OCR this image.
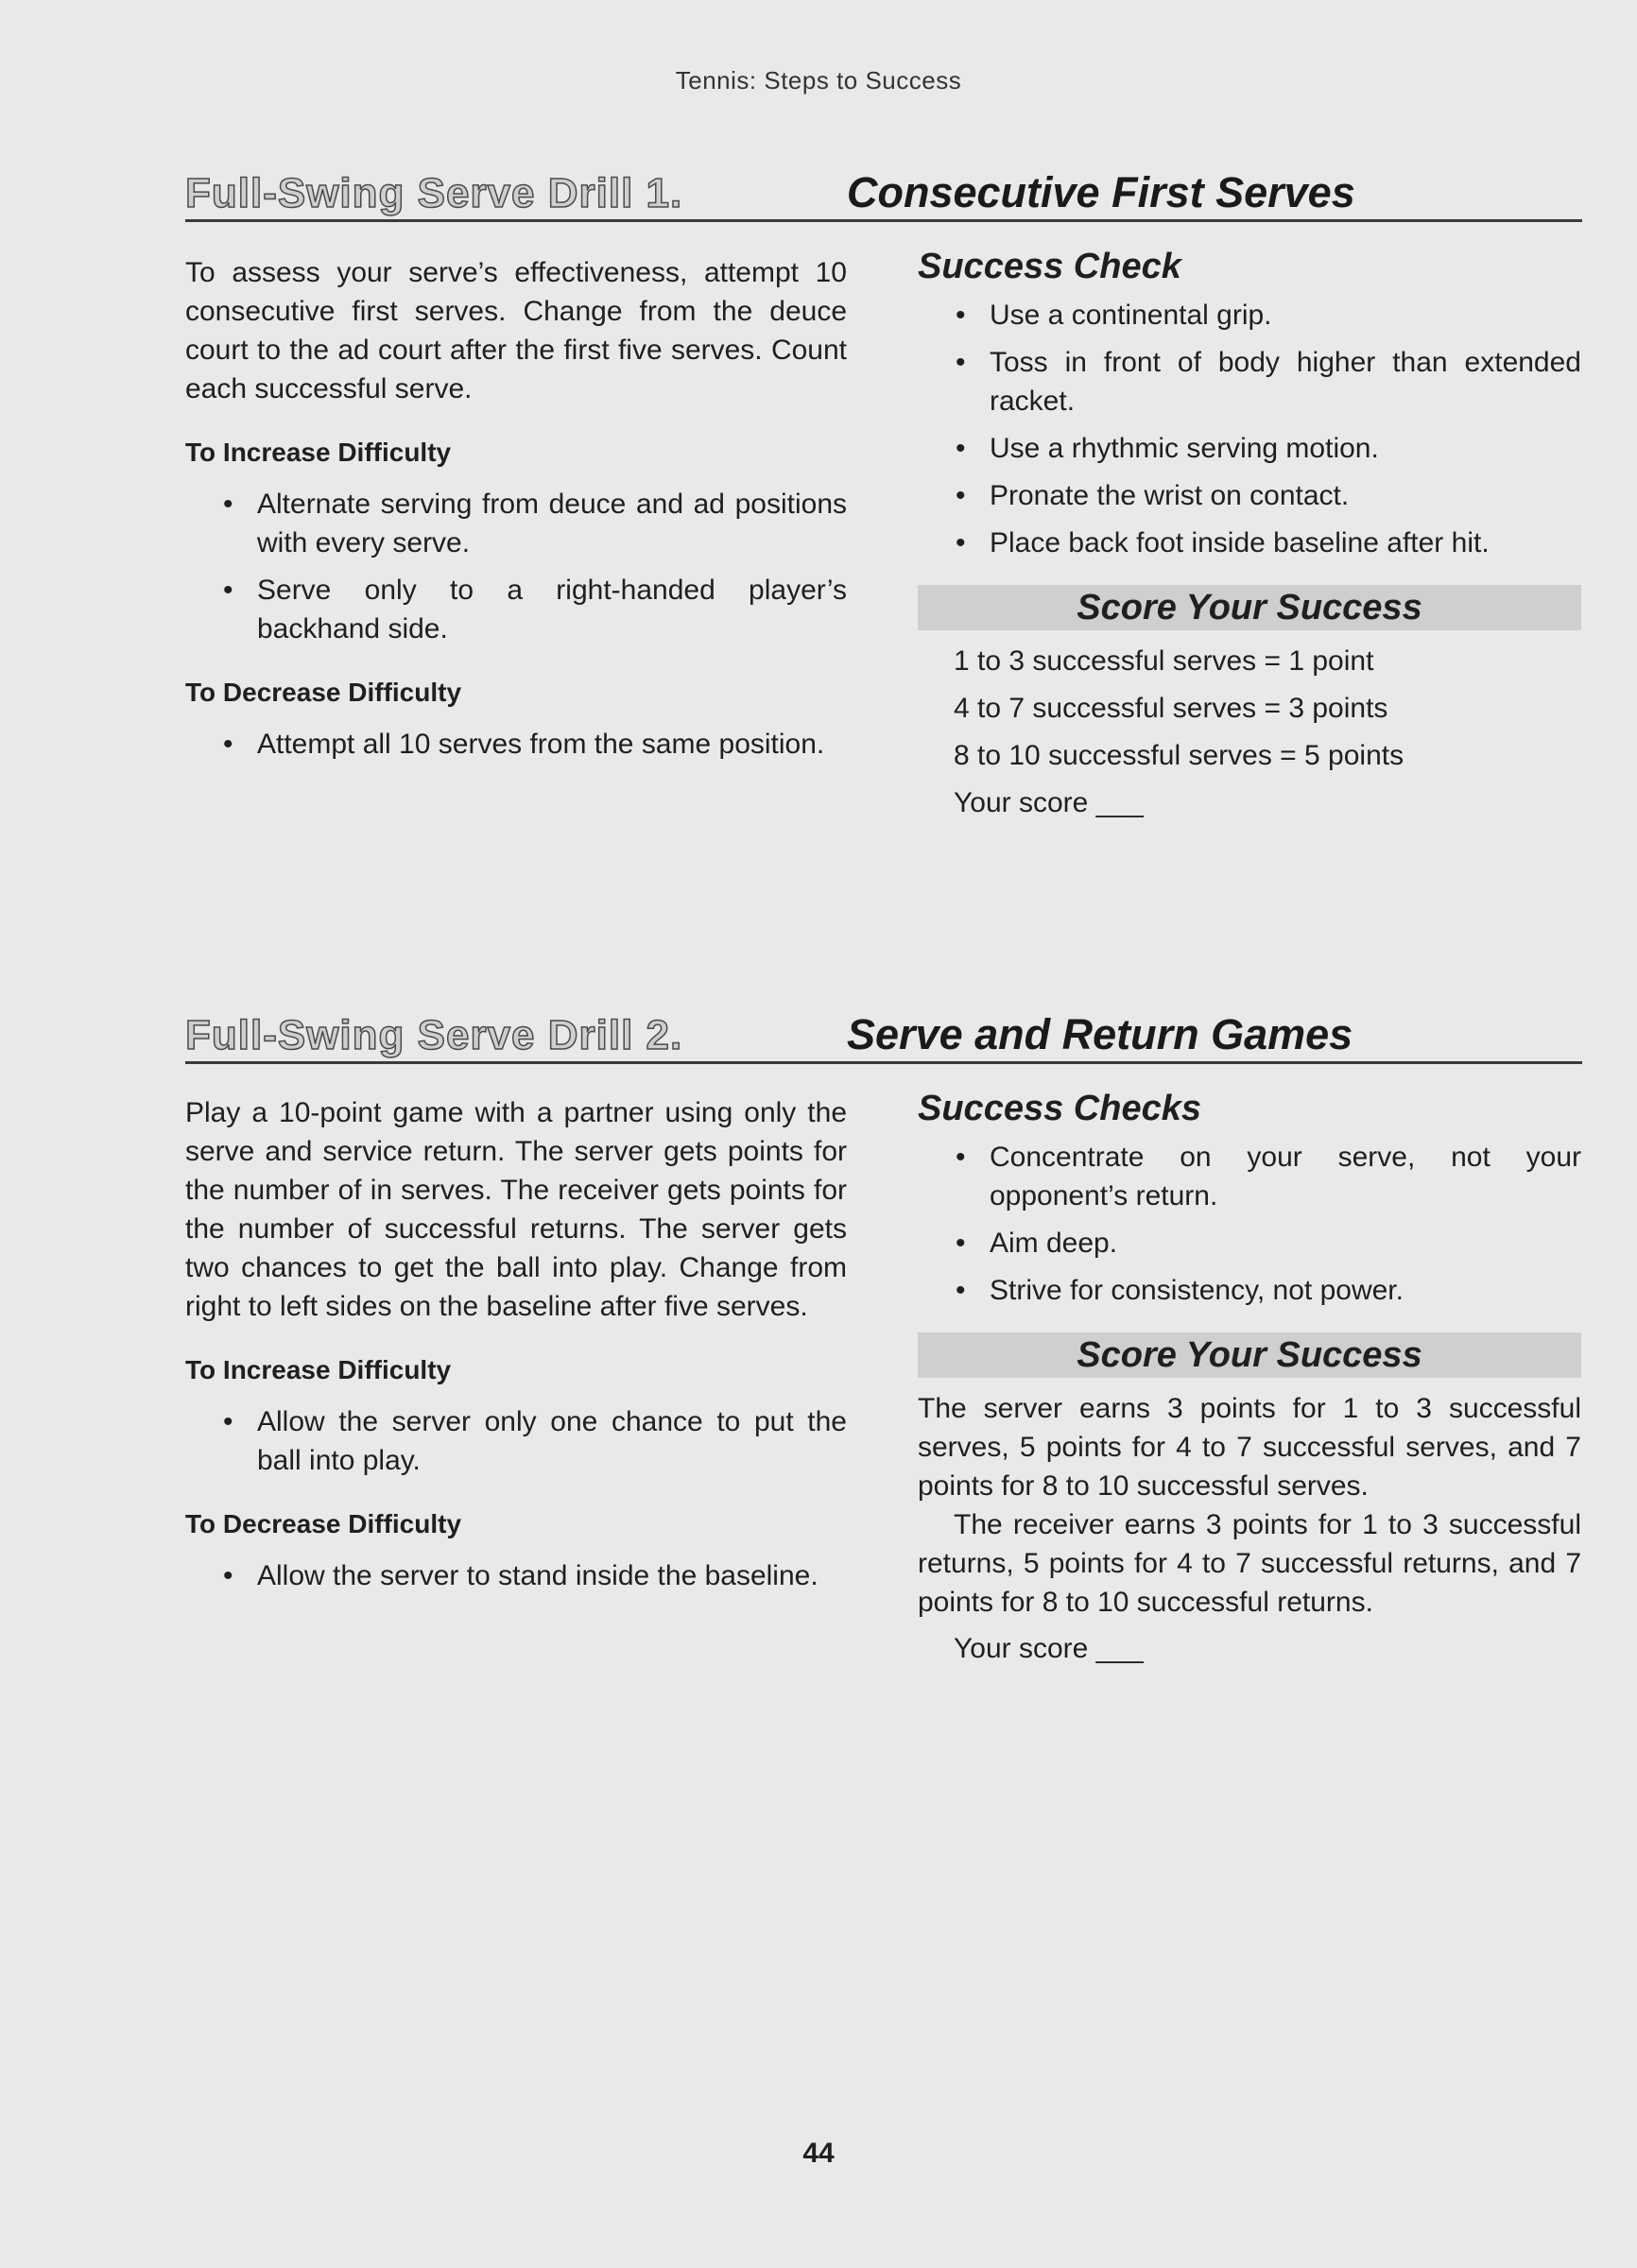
Tennis: Steps to Success
Full-Swing Serve Drill 1.	Consecutive First Serves

To assess your serve’s effectiveness, attempt 10 consecutive first serves. Change from the deuce court to the ad court after the first five serves. Count each successful serve.

To Increase Difficulty
• Alternate serving from deuce and ad positions with every serve.
• Serve only to a right-handed player’s backhand side.
To Decrease Difficulty
• Attempt all 10 serves from the same position.
Success Check
• Use a continental grip.
• Toss in front of body higher than extended racket.
• Use a rhythmic serving motion.
• Pronate the wrist on contact.
• Place back foot inside baseline after hit.
Score Your Success

1 to 3 successful serves = 1 point

4 to 7 successful serves = 3 points

8 to 10 successful serves = 5 points

Your score ___

Full-Swing Serve Drill 2.	Serve and Return Games

Play a 10-point game with a partner using only the serve and service return. The server gets points for the number of in serves. The receiver gets points for the number of successful returns. The server gets two chances to get the ball into play. Change from right to left sides on the baseline after five serves.

To Increase Difficulty
• Allow the server only one chance to put the ball into play.
To Decrease Difficulty
• Allow the server to stand inside the baseline.
Success Checks
• Concentrate on your serve, not your opponent’s return.
• Aim deep.
• Strive for consistency, not power.
Score Your Success

The server earns 3 points for 1 to 3 successful serves, 5 points for 4 to 7 successful serves, and 7 points for 8 to 10 successful serves.

The receiver earns 3 points for 1 to 3 successful returns, 5 points for 4 to 7 successful returns, and 7 points for 8 to 10 successful returns.

Your score ___

44
